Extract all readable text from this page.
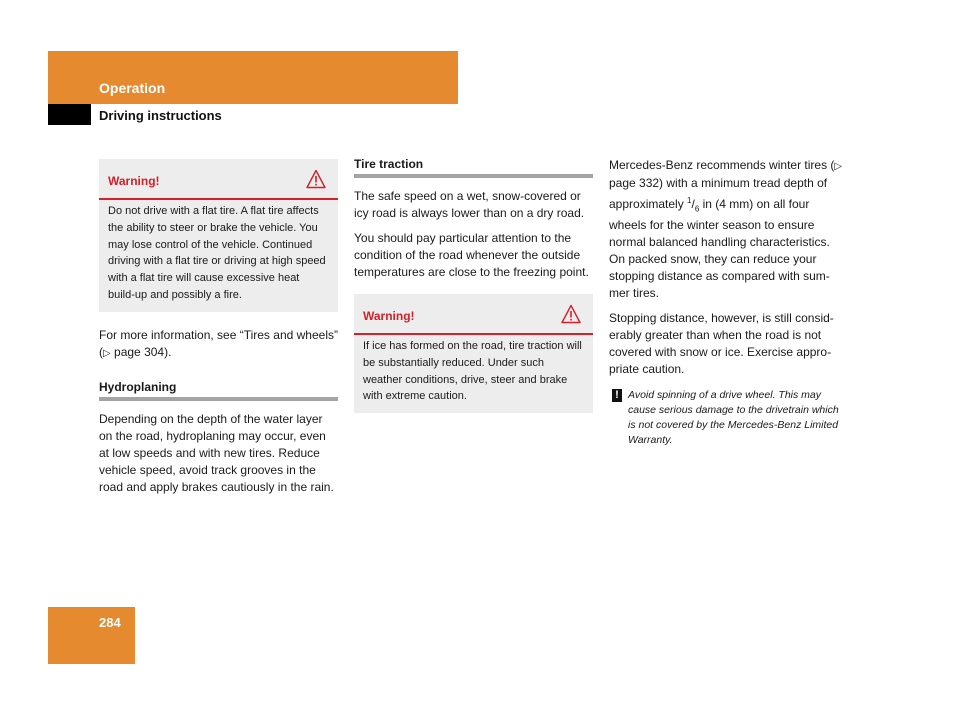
Operation
Driving instructions
Warning!
Do not drive with a flat tire. A flat tire affects the ability to steer or brake the vehicle. You may lose control of the vehicle. Continued driving with a flat tire or driving at high speed with a flat tire will cause excessive heat build-up and possibly a fire.

For more information, see “Tires and wheels” (▷ page 304).

Hydroplaning

Depending on the depth of the water layer on the road, hydroplaning may occur, even at low speeds and with new tires. Reduce vehicle speed, avoid track grooves in the road and apply brakes cautiously in the rain.

Tire traction

The safe speed on a wet, snow-covered or icy road is always lower than on a dry road.

You should pay particular attention to the condition of the road whenever the outside temperatures are close to the freezing point.

Warning!
If ice has formed on the road, tire traction will be substantially reduced. Under such weather conditions, drive, steer and brake with extreme caution.

Mercedes-Benz recommends winter tires (▷ page 332) with a minimum tread depth of approximately $^1/_6$ in (4 mm) on all four wheels for the winter season to ensure normal balanced handling characteristics. On packed snow, they can reduce your stopping distance as compared with sum-mer tires.

Stopping distance, however, is still consid-erably greater than when the road is not covered with snow or ice. Exercise appro-priate caution.

! Avoid spinning of a drive wheel. This may cause serious damage to the drivetrain which is not covered by the Mercedes-Benz Limited Warranty.
284
